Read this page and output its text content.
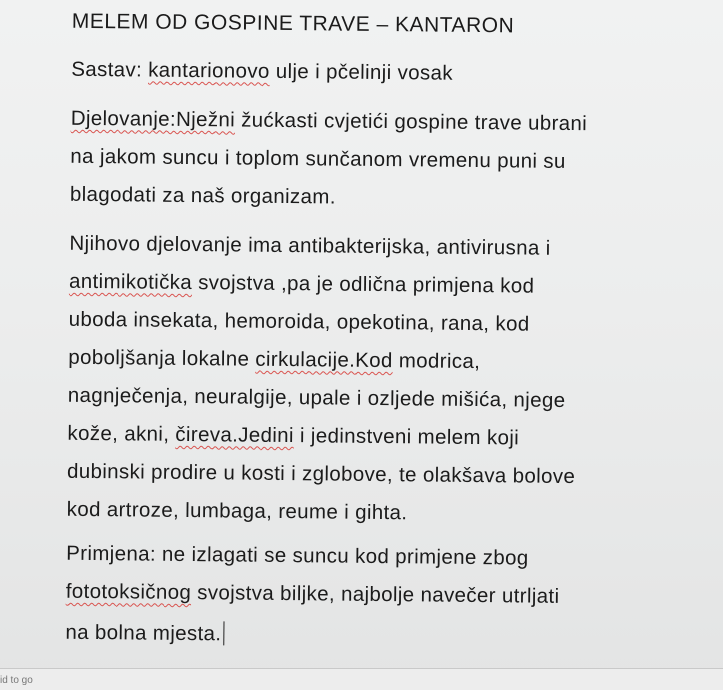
MELEM OD GOSPINE TRAVE – KANTARON
Sastav: kantarionovo ulje i pčelinji vosak
Djelovanje:Nježni žućkasti cvjetići gospine trave ubrani
na jakom suncu i toplom sunčanom vremenu puni su
blagodati za naš organizam.
Njihovo djelovanje ima antibakterijska, antivirusna i
antimikotička svojstva ,pa je odlična primjena kod
uboda insekata, hemoroida, opekotina, rana, kod
poboljšanja lokalne cirkulacije.Kod modrica,
nagnječenja, neuralgije, upale i ozljede mišića, njege
kože, akni, čireva.Jedini i jedinstveni melem koji
dubinski prodire u kosti i zglobove, te olakšava bolove
kod artroze, lumbaga, reume i gihta.
Primjena: ne izlagati se suncu kod primjene zbog
fototoksičnog svojstva biljke, najbolje navečer utrljati
na bolna mjesta.
id to go
